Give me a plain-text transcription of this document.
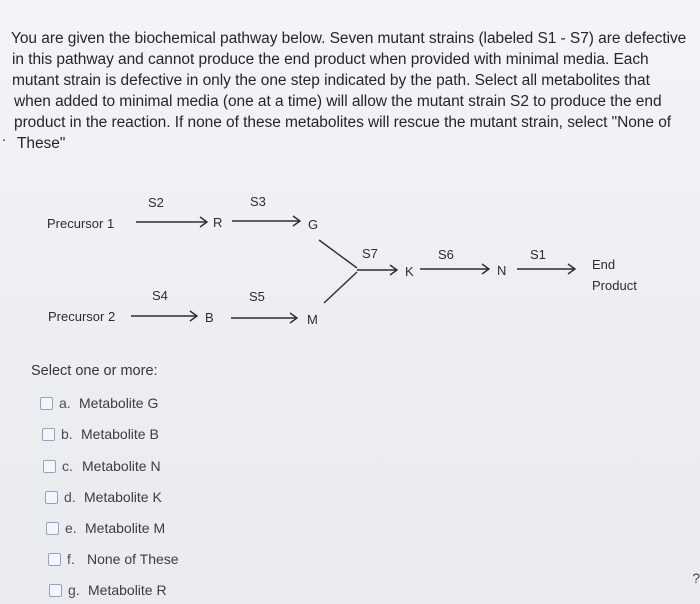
You are given the biochemical pathway below. Seven mutant strains (labeled S1 - S7) are defective
in this pathway and cannot produce the end product when provided with minimal media. Each
mutant strain is defective in only the one step indicated by the path. Select all metabolites that
when added to minimal media (one at a time) will allow the mutant strain S2 to produce the end
product in the reaction. If none of these metabolites will rescue the mutant strain, select "None of
These"
.
Precursor 1
S2
R
S3
G
Precursor 2
S4
B
S5
M
S7
K
S6
N
S1
End
Product
Select one or more:
a. Metabolite G
b. Metabolite B
c. Metabolite N
d. Metabolite K
e. Metabolite M
f. None of These
g. Metabolite R
?
